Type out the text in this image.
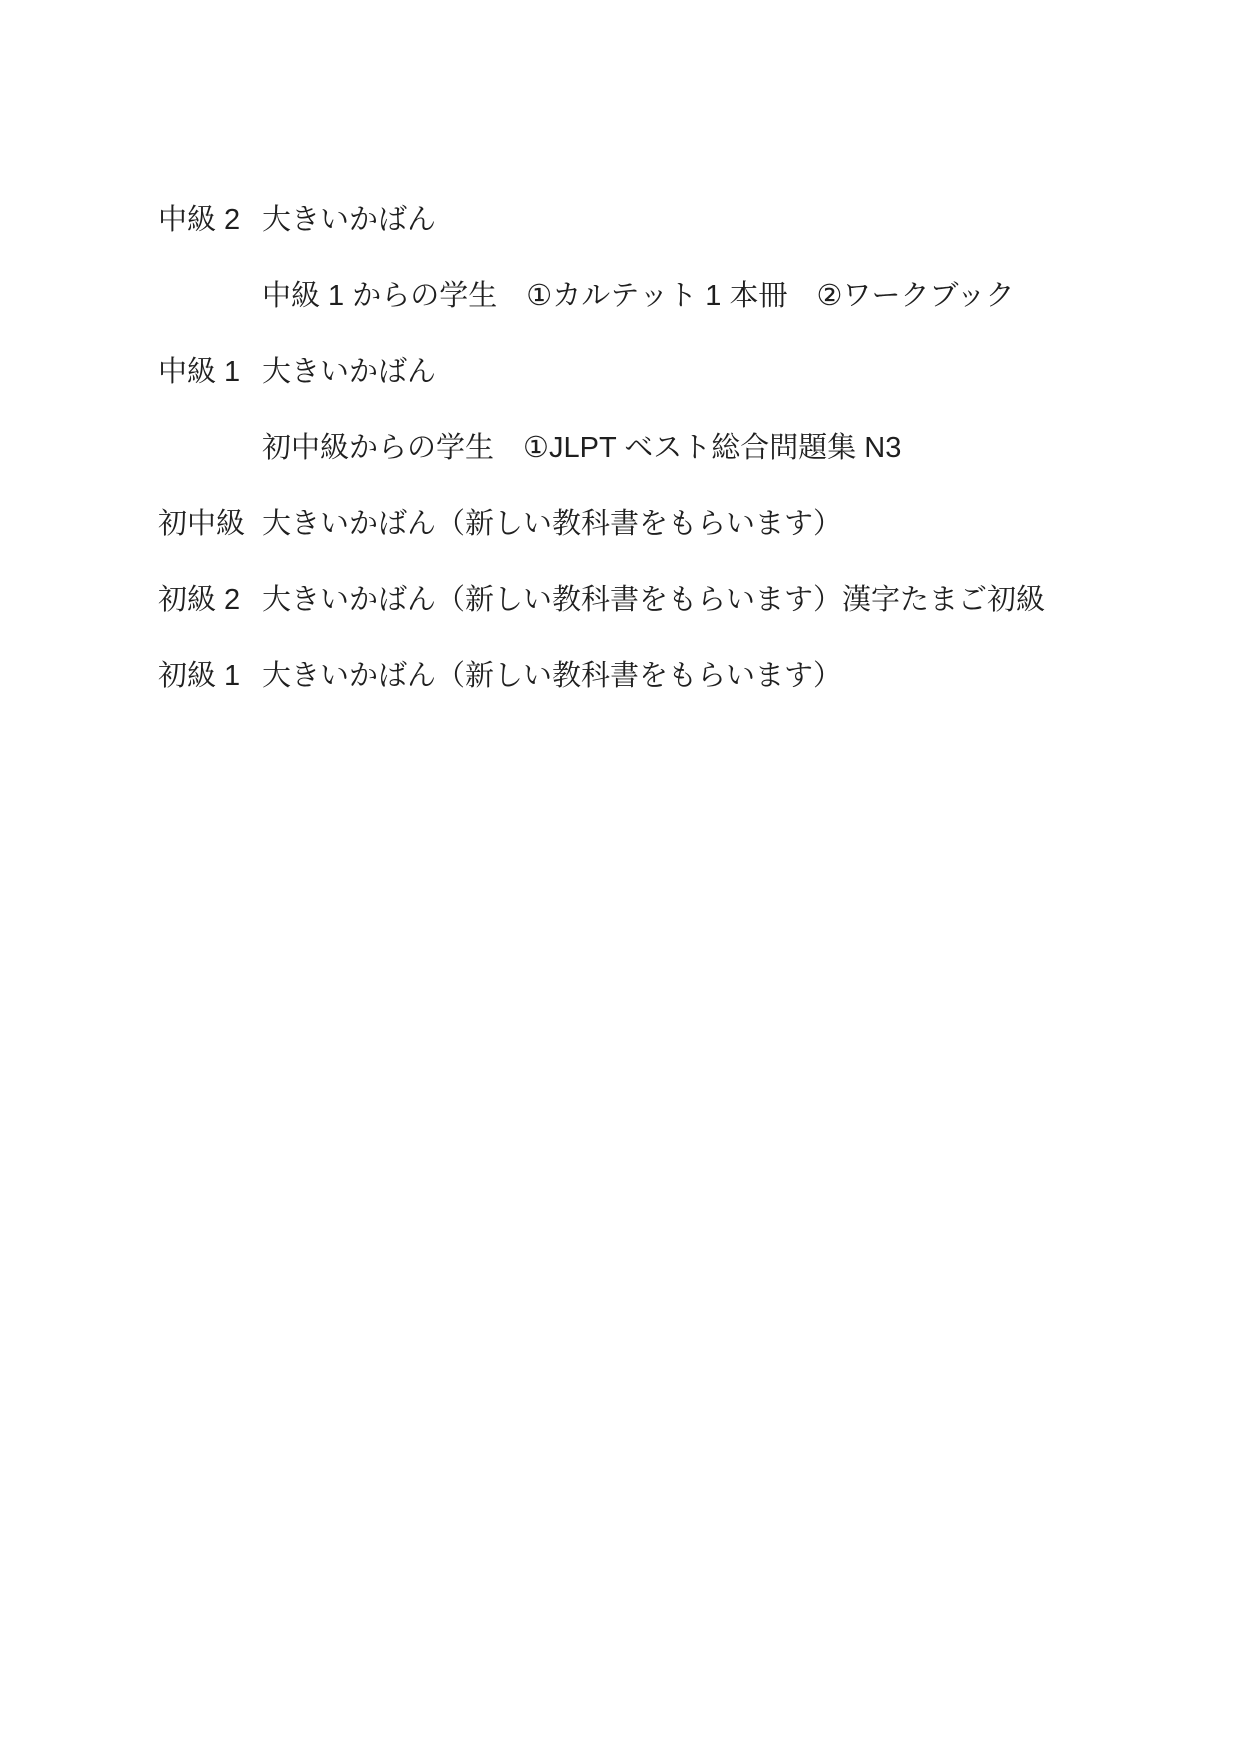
中級 2 大きいかばん
中級 1 からの学生　①カルテット 1 本冊　②ワークブック
中級 1 大きいかばん
初中級からの学生　①JLPT ベスト総合問題集 N3
初中級 大きいかばん（新しい教科書をもらいます）
初級 2 大きいかばん（新しい教科書をもらいます）漢字たまご初級
初級 1 大きいかばん（新しい教科書をもらいます）
